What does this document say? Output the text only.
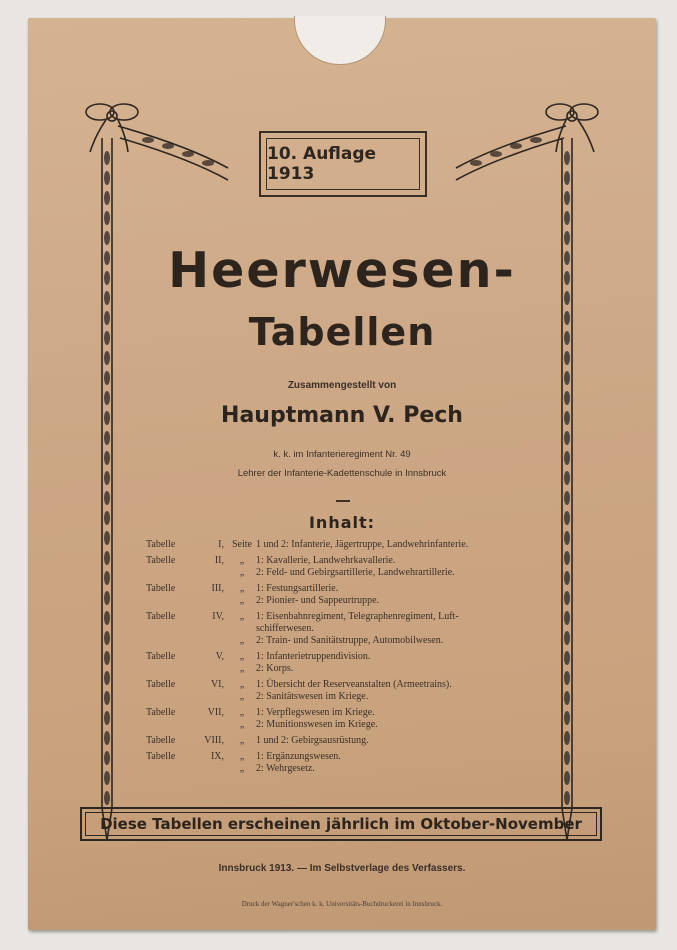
10. Auflage 1913
Heerwesen-
Tabellen
Zusammengestellt von
Hauptmann V. Pech
k. k. im Infanterieregiment Nr. 49
Lehrer der Infanterie-Kadettenschule in Innsbruck
Inhalt:
Tabelle	I, Seite 1 und 2: Infanterie, Jägertruppe, Landwehrinfanterie.
Tabelle	II,	„	1: Kavallerie, Landwehrkavallerie.
„	2: Feld- und Gebirgsartillerie, Landwehrartillerie.
Tabelle	III,	„	1: Festungsartillerie.
„	2: Pionier- und Sappeurtruppe.
Tabelle	IV,	„	1: Eisenbahnregiment, Telegraphenregiment, Luft-
schifferwesen.
„	2: Train- und Sanitätstruppe, Automobilwesen.
Tabelle	V,	„	1: Infanterietruppendivision.
„	2: Korps.
Tabelle	VI,	„	1: Übersicht der Reserveanstalten (Armeetrains).
„	2: Sanitätswesen im Kriege.
Tabelle	VII,	„	1: Verpflegswesen im Kriege.
„	2: Munitionswesen im Kriege.
Tabelle	VIII,	„	1 und 2: Gebirgsausrüstung.
Tabelle	IX,	„	1: Ergänzungswesen.
„	2: Wehrgesetz.
Diese Tabellen erscheinen jährlich im Oktober-November
Innsbruck 1913. — Im Selbstverlage des Verfassers.
Druck der Wagner'schen k. k. Universitäts-Buchdruckerei in Innsbruck.
